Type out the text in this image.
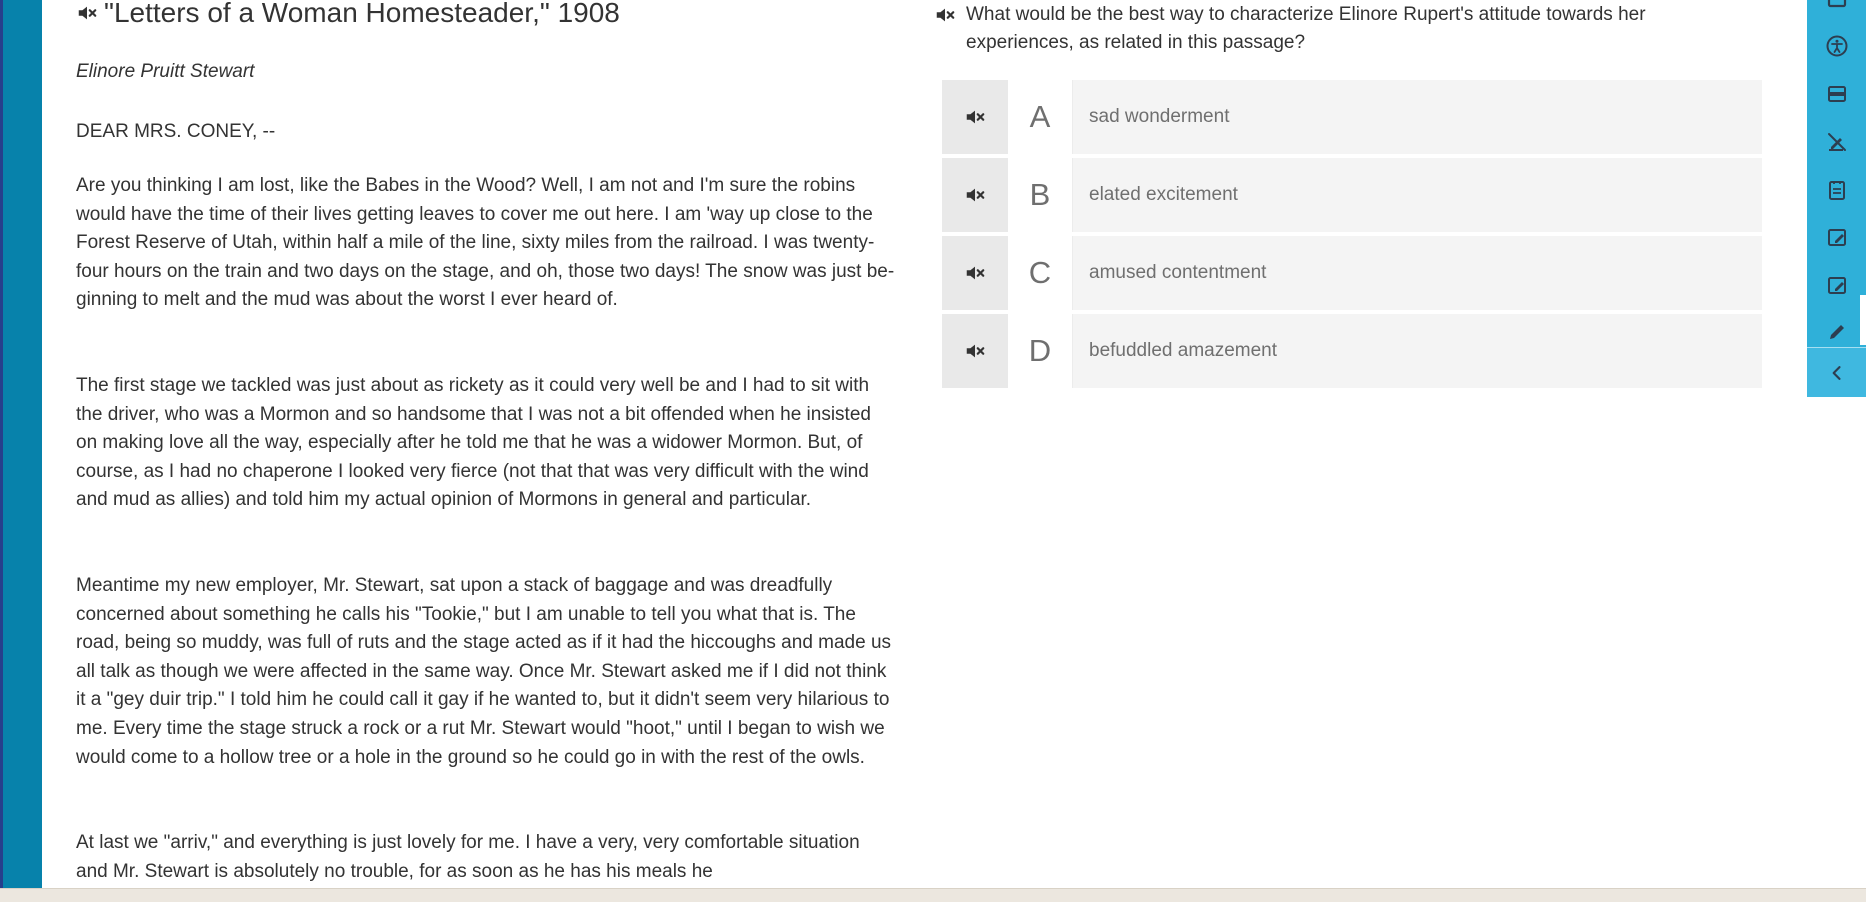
"Letters of a Woman Homesteader," 1908

Elinore Pruitt Stewart

DEAR MRS. CONEY, --

Are you thinking I am lost, like the Babes in the Wood? Well, I am not and I'm sure the robins would have the time of their lives getting leaves to cover me out here. I am 'way up close to the Forest Reserve of Utah, within half a mile of the line, sixty miles from the railroad. I was twenty-four hours on the train and two days on the stage, and oh, those two days! The snow was just be-ginning to melt and the mud was about the worst I ever heard of.

The first stage we tackled was just about as rickety as it could very well be and I had to sit with the driver, who was a Mormon and so handsome that I was not a bit offended when he insisted on making love all the way, especially after he told me that he was a widower Mormon. But, of course, as I had no chaperone I looked very fierce (not that that was very difficult with the wind and mud as allies) and told him my actual opinion of Mormons in general and particular.

Meantime my new employer, Mr. Stewart, sat upon a stack of baggage and was dreadfully concerned about something he calls his "Tookie," but I am unable to tell you what that is. The road, being so muddy, was full of ruts and the stage acted as if it had the hiccoughs and made us all talk as though we were affected in the same way. Once Mr. Stewart asked me if I did not think it a "gey duir trip." I told him he could call it gay if he wanted to, but it didn't seem very hilarious to me. Every time the stage struck a rock or a rut Mr. Stewart would "hoot," until I began to wish we would come to a hollow tree or a hole in the ground so he could go in with the rest of the owls.

At last we "arriv," and everything is just lovely for me. I have a very, very comfortable situation and Mr. Stewart is absolutely no trouble, for as soon as he has his meals he

What would be the best way to characterize Elinore Rupert's attitude towards her experiences, as related in this passage?
A	sad wonderment
B	elated excitement
C	amused contentment
D	befuddled amazement
